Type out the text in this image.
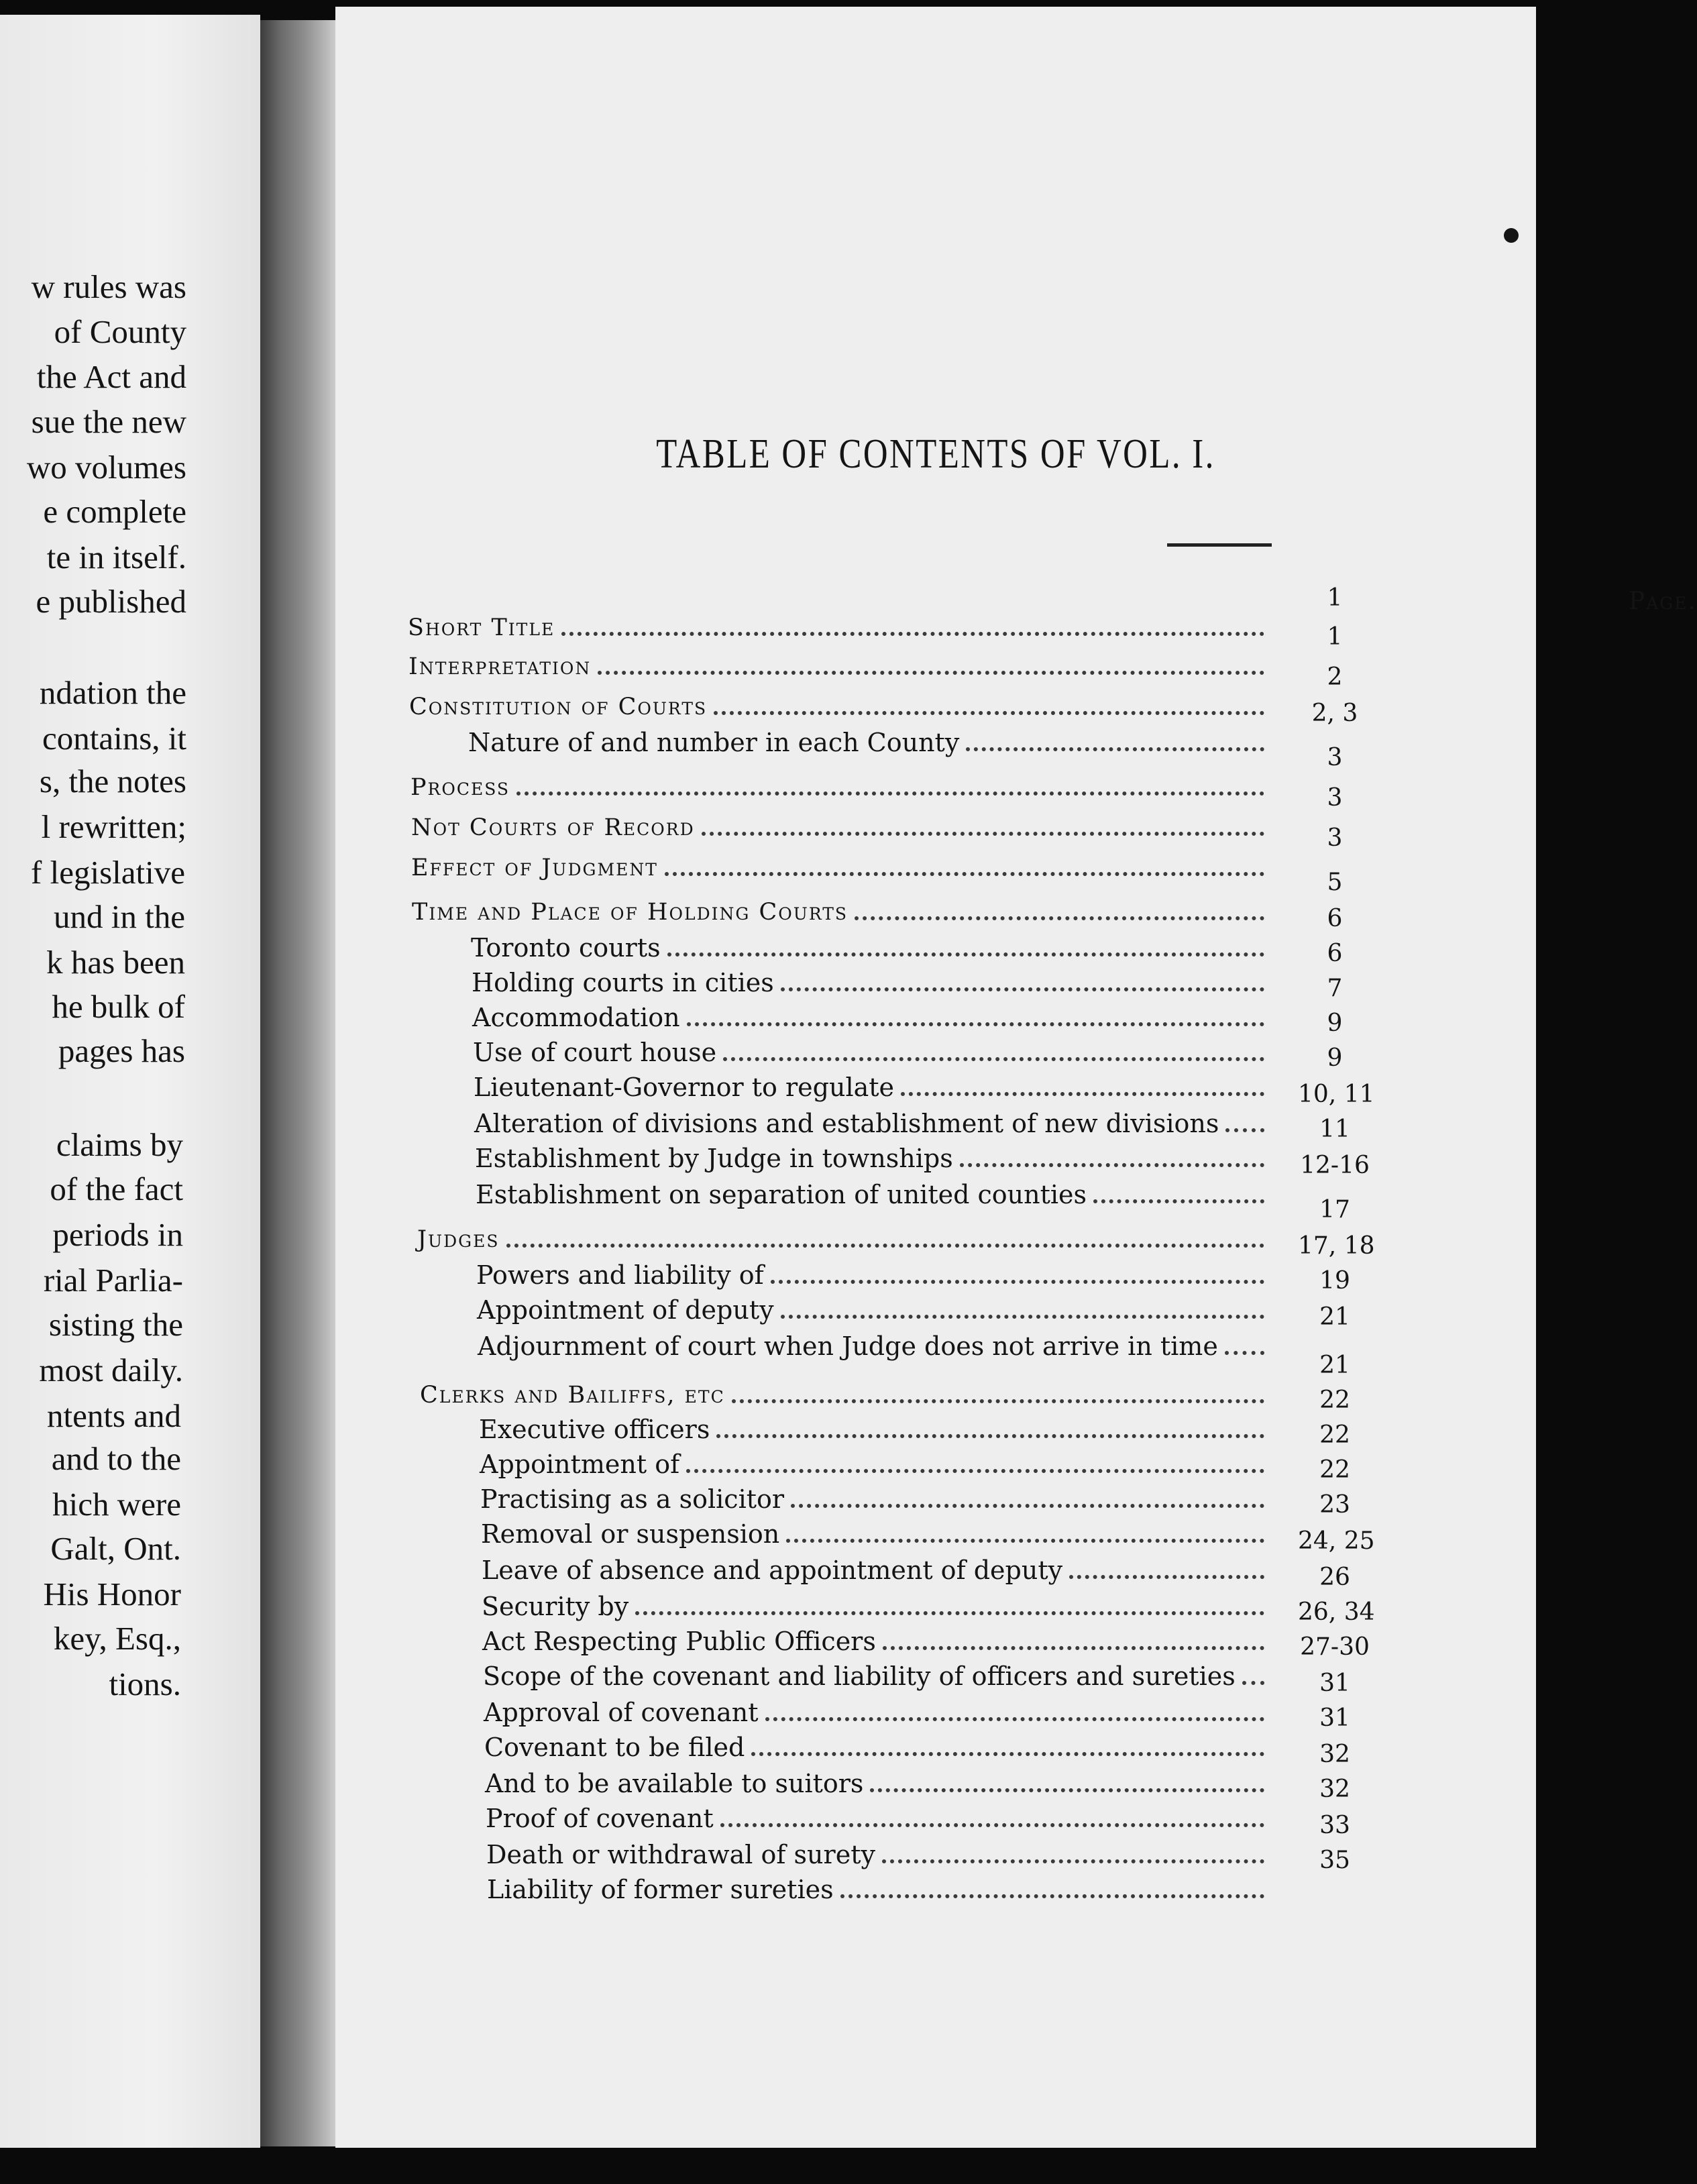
w rules was
of County
the Act and
sue the new
wo volumes
e complete
te in itself.
e published
ndation the
contains, it
s, the notes
l rewritten;
f legislative
und in the
k has been
he bulk of
pages has
claims by
of the fact
periods in
rial Parlia-
sisting the
most daily.
ntents and
and to the
hich were
Galt, Ont.
His Honor
key, Esq.,
tions.
TABLE OF CONTENTS OF VOL. I.
Page.
Short Title
1
Interpretation
1
Constitution of Courts
2
Nature of and number in each County
2, 3
Process
3
Not Courts of Record
3
Effect of Judgment
3
Time and Place of Holding Courts
5
Toronto courts
6
Holding courts in cities
6
Accommodation
7
Use of court house
9
Lieutenant-Governor to regulate
9
Alteration of divisions and establishment of new divisions
10, 11
Establishment by Judge in townships
11
Establishment on separation of united counties
12-16
Judges
17
Powers and liability of
17, 18
Appointment of deputy
19
Adjournment of court when Judge does not arrive in time
21
Clerks and Bailiffs, etc
21
Executive officers
22
Appointment of
22
Practising as a solicitor
22
Removal or suspension
23
Leave of absence and appointment of deputy
24, 25
Security by
26
Act Respecting Public Officers
26, 34
Scope of the covenant and liability of officers and sureties
27-30
Approval of covenant
31
Covenant to be filed
31
And to be available to suitors
32
Proof of covenant
32
Death or withdrawal of surety
33
Liability of former sureties
35
